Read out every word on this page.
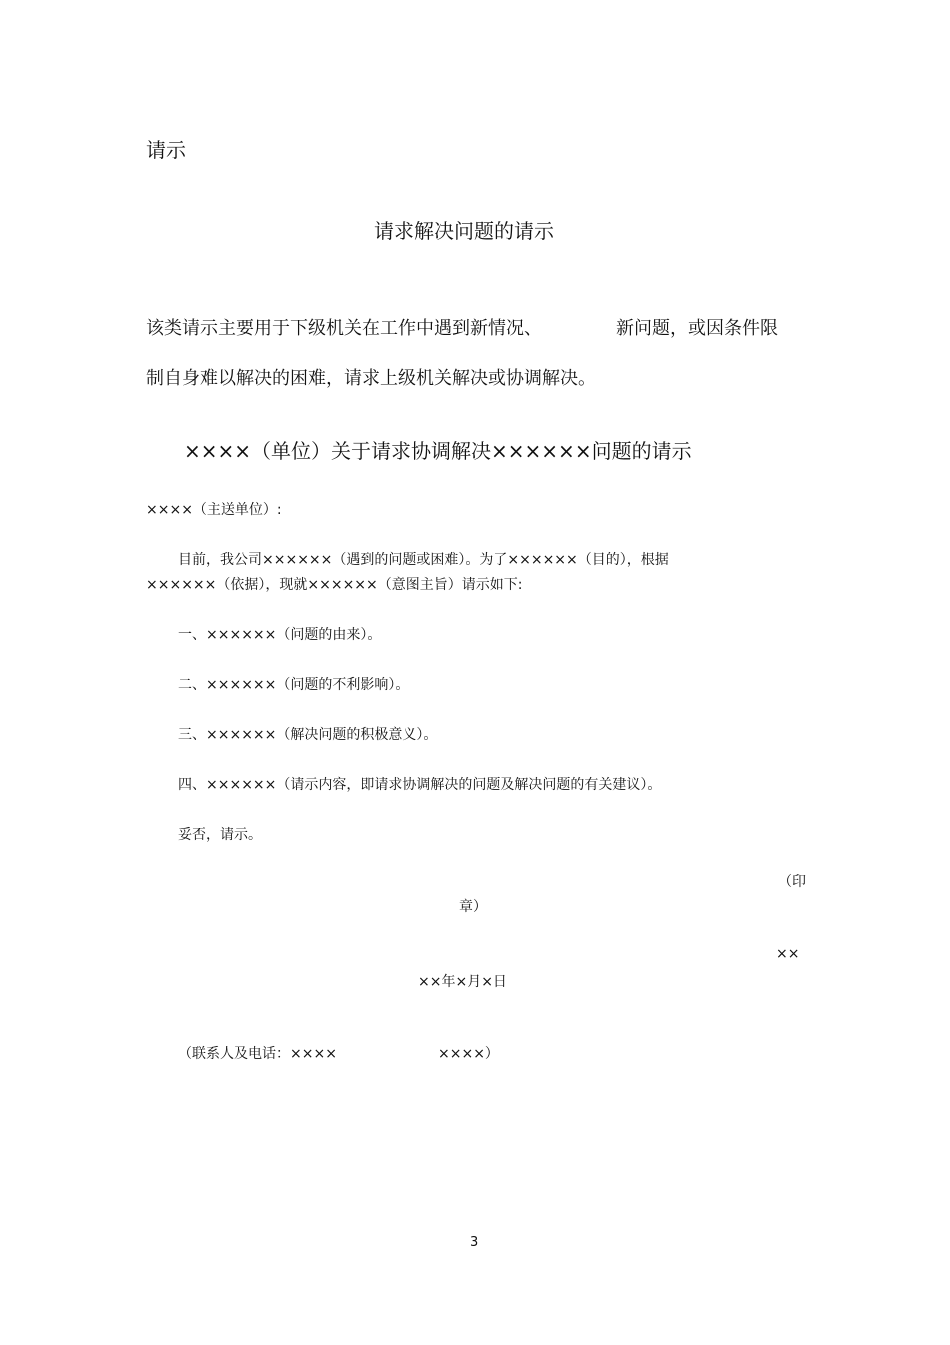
请示
请求解决问题的请示
该类请示主要用于下级机关在工作中遇到新情况、	新问题，或因条件限
制自身难以解决的困难，请求上级机关解决或协调解决。
××××（单位）关于请求协调解决××××××问题的请示
××××（主送单位）:
目前，我公司××××××（遇到的问题或困难）。为了××××××（目的），根据
××××××（依据），现就××××××（意图主旨）请示如下:
一、××××××（问题的由来）。
二、××××××（问题的不利影响）。
三、××××××（解决问题的积极意义）。
四、××××××（请示内容，即请求协调解决的问题及解决问题的有关建议）。
妥否，请示。
（印
章）
××
××年×月×日
（联系人及电话：××××	××××）
3
